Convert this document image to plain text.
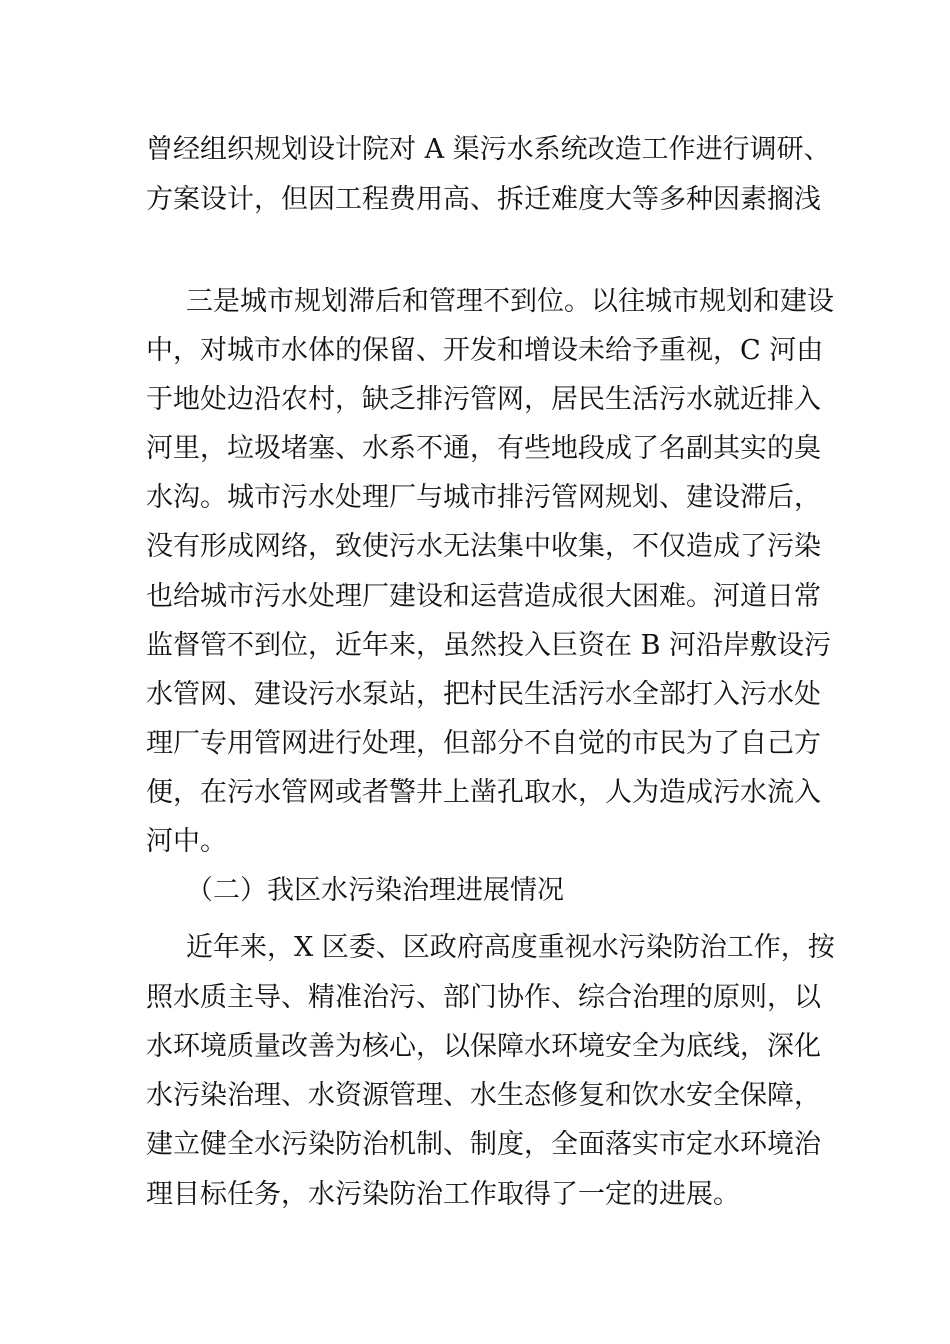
曾经组织规划设计院对 A 渠污水系统改造工作进行调研、
方案设计，但因工程费用高、拆迁难度大等多种因素搁浅
三是城市规划滞后和管理不到位。以往城市规划和建设
中，对城市水体的保留、开发和增设未给予重视，C 河由
于地处边沿农村，缺乏排污管网，居民生活污水就近排入
河里，垃圾堵塞、水系不通，有些地段成了名副其实的臭
水沟。城市污水处理厂与城市排污管网规划、建设滞后，
没有形成网络，致使污水无法集中收集，不仅造成了污染
也给城市污水处理厂建设和运营造成很大困难。河道日常
监督管不到位，近年来，虽然投入巨资在 B 河沿岸敷设污
水管网、建设污水泵站，把村民生活污水全部打入污水处
理厂专用管网进行处理，但部分不自觉的市民为了自己方
便，在污水管网或者警井上凿孔取水，人为造成污水流入
河中。
（二）我区水污染治理进展情况
近年来，X 区委、区政府高度重视水污染防治工作，按
照水质主导、精准治污、部门协作、综合治理的原则，以
水环境质量改善为核心，以保障水环境安全为底线，深化
水污染治理、水资源管理、水生态修复和饮水安全保障，
建立健全水污染防治机制、制度，全面落实市定水环境治
理目标任务，水污染防治工作取得了一定的进展。
